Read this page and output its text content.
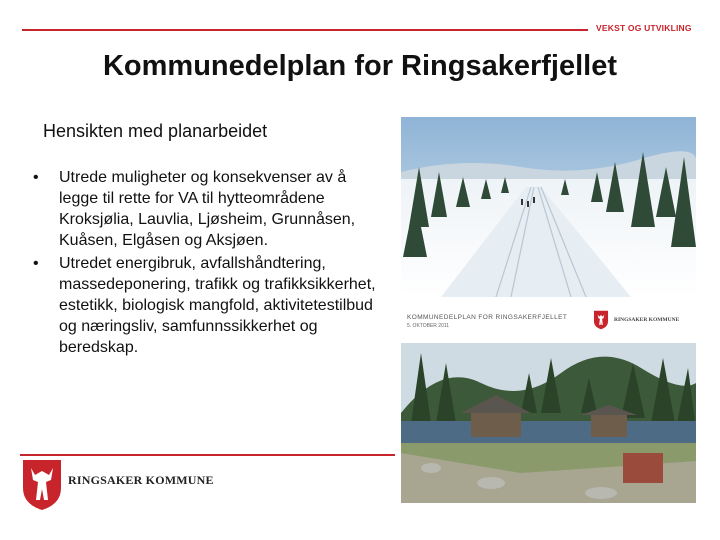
VEKST OG UTVIKLING
Kommunedelplan for Ringsakerfjellet
Hensikten med planarbeidet
• Utrede muligheter og konsekvenser av å legge til rette for VA til hytteområdene Kroksjølia, Lauvlia, Ljøsheim, Grunnåsen, Kuåsen, Elgåsen og Aksjøen.
• Utredet energibruk, avfallshåndtering, massedeponering, trafikk og trafikksikkerhet, estetikk, biologisk mangfold, aktivitetestilbud og næringsliv, samfunnssikkerhet og beredskap.
KOMMUNEDELPLAN FOR RINGSAKERFJELLET
5. OKTOBER 2011
RINGSAKER KOMMUNE
RINGSAKER KOMMUNE
